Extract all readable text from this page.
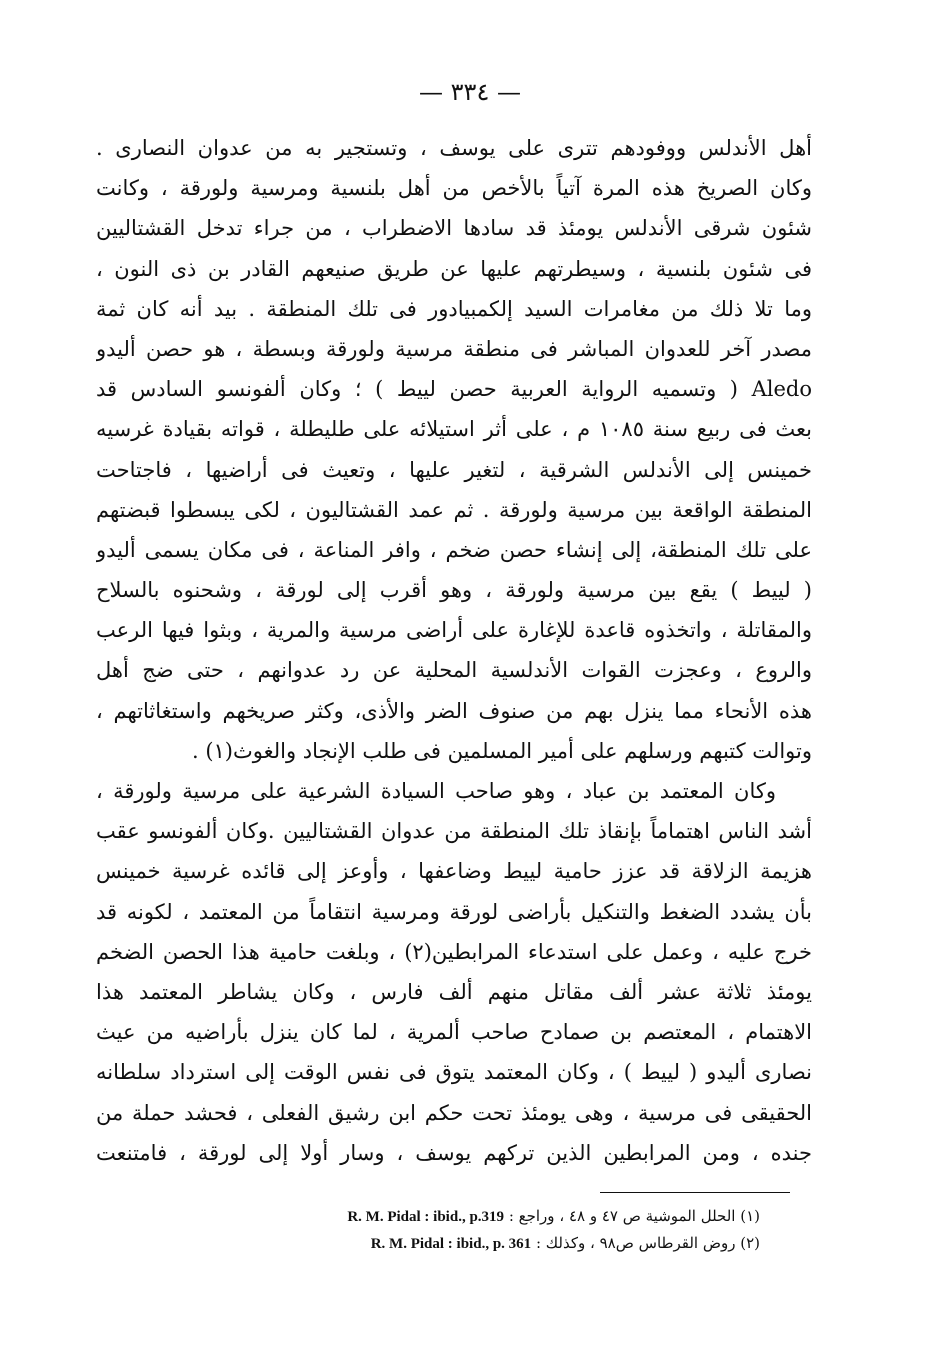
— ٣٣٤ —
أهل الأندلس ووفودهم تترى على يوسف ، وتستجير به من عدوان النصارى .
وكان الصريخ هذه المرة آتياً بالأخص من أهل بلنسية ومرسية ولورقة ، وكانت
شئون شرقى الأندلس يومئذ قد سادها الاضطراب ، من جراء تدخل القشتاليين
فى شئون بلنسية ، وسيطرتهم عليها عن طريق صنيعهم القادر بن ذى النون ،
وما تلا ذلك من مغامرات السيد إلكمبيادور فى تلك المنطقة . بيد أنه كان ثمة
مصدر آخر للعدوان المباشر فى منطقة مرسية ولورقة وبسطة ، هو حصن أليدو
Aledo ( وتسميه الرواية العربية حصن لييط ) ؛ وكان ألفونسو السادس قد
بعث فى ربيع سنة ١٠٨٥ م ، على أثر استيلائه على طليطلة ، قواته بقيادة غرسيه
خمينس إلى الأندلس الشرقية ، لتغير عليها ، وتعيث فى أراضيها ، فاجتاحت
المنطقة الواقعة بين مرسية ولورقة . ثم عمد القشتاليون ، لكى يبسطوا قبضتهم
على تلك المنطقة، إلى إنشاء حصن ضخم ، وافر المناعة ، فى مكان يسمى أليدو
( لييط ) يقع بين مرسية ولورقة ، وهو أقرب إلى لورقة ، وشحنوه بالسلاح
والمقاتلة ، واتخذوه قاعدة للإغارة على أراضى مرسية والمرية ، وبثوا فيها الرعب
والروع ، وعجزت القوات الأندلسية المحلية عن رد عدوانهم ، حتى ضج أهل
هذه الأنحاء مما ينزل بهم من صنوف الضر والأذى، وكثر صريخهم واستغاثاتهم ،
وتوالت كتبهم ورسلهم على أمير المسلمين فى طلب الإنجاد والغوث(١) .
وكان المعتمد بن عباد ، وهو صاحب السيادة الشرعية على مرسية ولورقة ،
أشد الناس اهتماماً بإنقاذ تلك المنطقة من عدوان القشتاليين .وكان ألفونسو عقب
هزيمة الزلاقة قد عزز حامية لييط وضاعفها ، وأوعز إلى قائده غرسية خمينس
بأن يشدد الضغط والتنكيل بأراضى لورقة ومرسية انتقاماً من المعتمد ، لكونه قد
خرج عليه ، وعمل على استدعاء المرابطين(٢) ، وبلغت حامية هذا الحصن الضخم
يومئذ ثلاثة عشر ألف مقاتل منهم ألف فارس ، وكان يشاطر المعتمد هذا
الاهتمام ، المعتصم بن صمادح صاحب ألمرية ، لما كان ينزل بأراضيه من عيث
نصارى أليدو ( لييط ) ، وكان المعتمد يتوق فى نفس الوقت إلى استرداد سلطانه
الحقيقى فى مرسية ، وهى يومئذ تحت حكم ابن رشيق الفعلى ، فحشد حملة من
جنده ، ومن المرابطين الذين تركهم يوسف ، وسار أولا إلى لورقة ، فامتنعت
(١) الحلل الموشية ص ٤٧ و ٤٨ ، وراجع : R. M. Pidal : ibid., p.319
(٢) روض القرطاس ص٩٨ ، وكذلك : R. M. Pidal : ibid., p. 361
